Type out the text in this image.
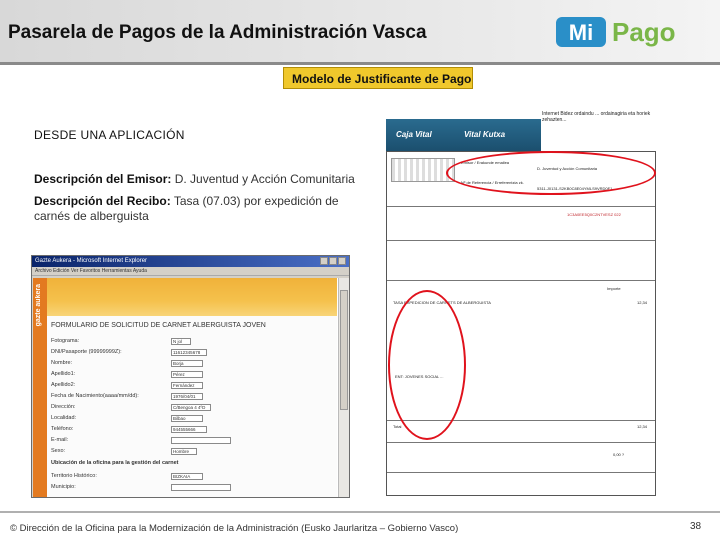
Pasarela de Pagos de la Administración Vasca	Mi Pago
Modelo de Justificante de Pago
DESDE UNA APLICACIÓN
Descripción del Emisor: D. Juventud y Acción Comunitaria
Descripción del Recibo: Tasa (07.03) por expedición de carnés de alberguista
Gazte Aukera - Microsoft Internet Explorer
Archivo Edición Ver Favoritos Herramientas Ayuda
gazte aukera	FORMULARIO DE SOLICITUD DE CARNET ALBERGUISTA JOVEN
Fotograma:	N jol
DNI/Pasaporte (99999999Z):	11612345678
Nombre:	Borja
Apellido1:	Pérez
Apellido2:	Fernández
Fecha de Nacimiento(aaaa/mm/dd):	1976/04/01
Dirección:	C/Bengoa 4 4ºD
Localidad:	Bilbao
Teléfono:	944555666
E-mail:
Sexo:	Hombre
Ubicación de la oficina para la gestión del carnet
Territorio Histórico:	BIZKAIA
Municipio:
Internet Bidez ordaindu ... ordainagiria eta horiek zehazten...
Caja Vital	Vital Kutxa
Emisor / Erakunde emailea
D. Juventud y Acción Comunitaria
Nº de Referencia / Erreferentzia zk.
5311-J0131-S2KB0C8E04YMLS9VRD0F1
1C3A0EE5Q0C2NTVESZ 022
Importe
TASA EXPEDICION DE CARNETS DE ALBERGUISTA	12,34
ENT: JOVENES SOCIAL ...
Total	12,34
0,00 ?
© Dirección de la Oficina para la Modernización de la Administración (Eusko Jaurlaritza – Gobierno Vasco)	38
